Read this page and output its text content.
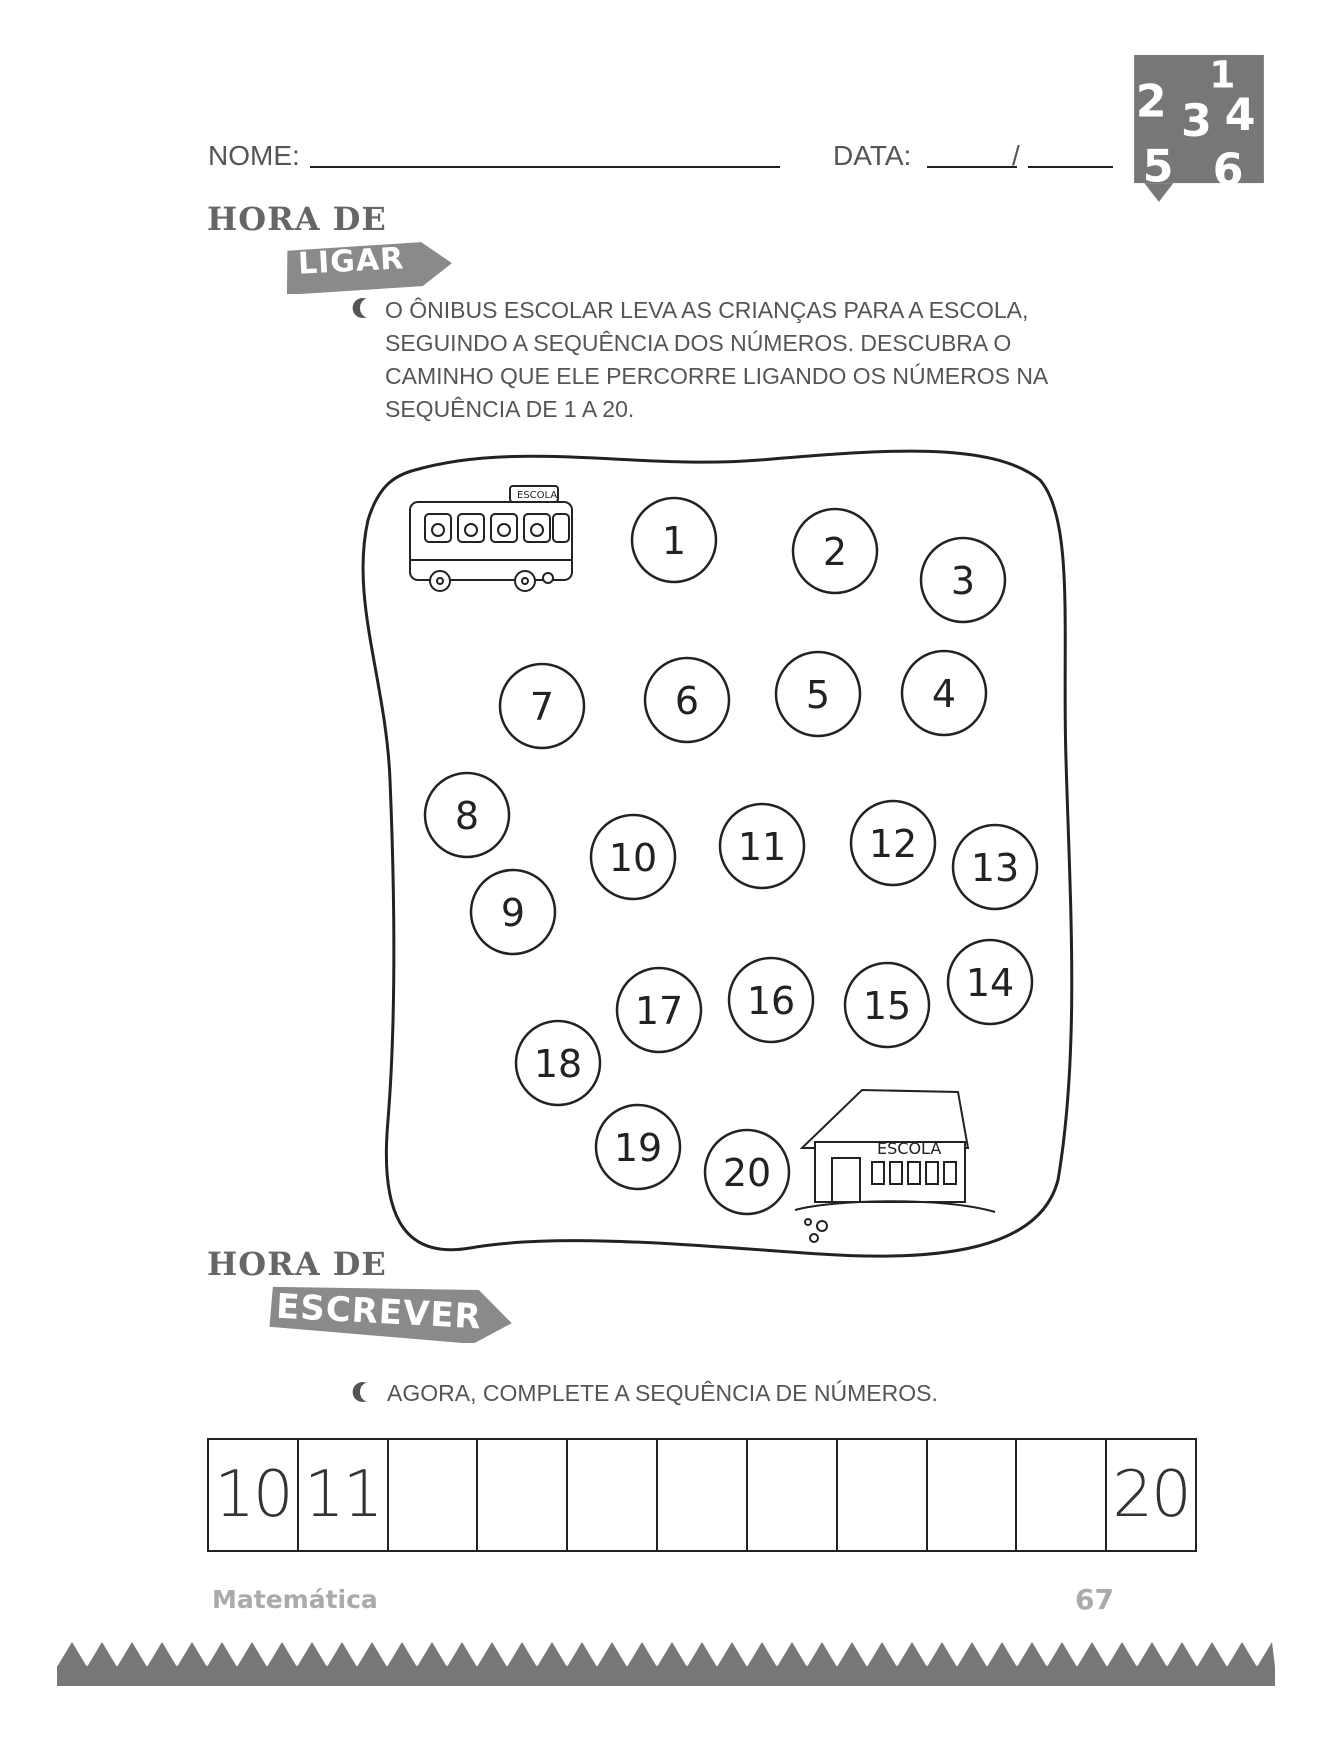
NOME:	DATA:	/
1
2 3 4
5 6
HORA DE
LIGAR
O ÔNIBUS ESCOLAR LEVA AS CRIANÇAS PARA A ESCOLA,
SEGUINDO A SEQUÊNCIA DOS NÚMEROS. DESCUBRA O
CAMINHO QUE ELE PERCORRE LIGANDO OS NÚMEROS NA
SEQUÊNCIA DE 1 A 20.
ESCOLA
ESCOLA
1	2
3
4
5
6
7
8
9
10 11 12
13
14
15
16
17
18
19
20
HORA DE
ESCREVER
AGORA, COMPLETE A SEQUÊNCIA DE NÚMEROS.
10 11	20
Matemática	67
